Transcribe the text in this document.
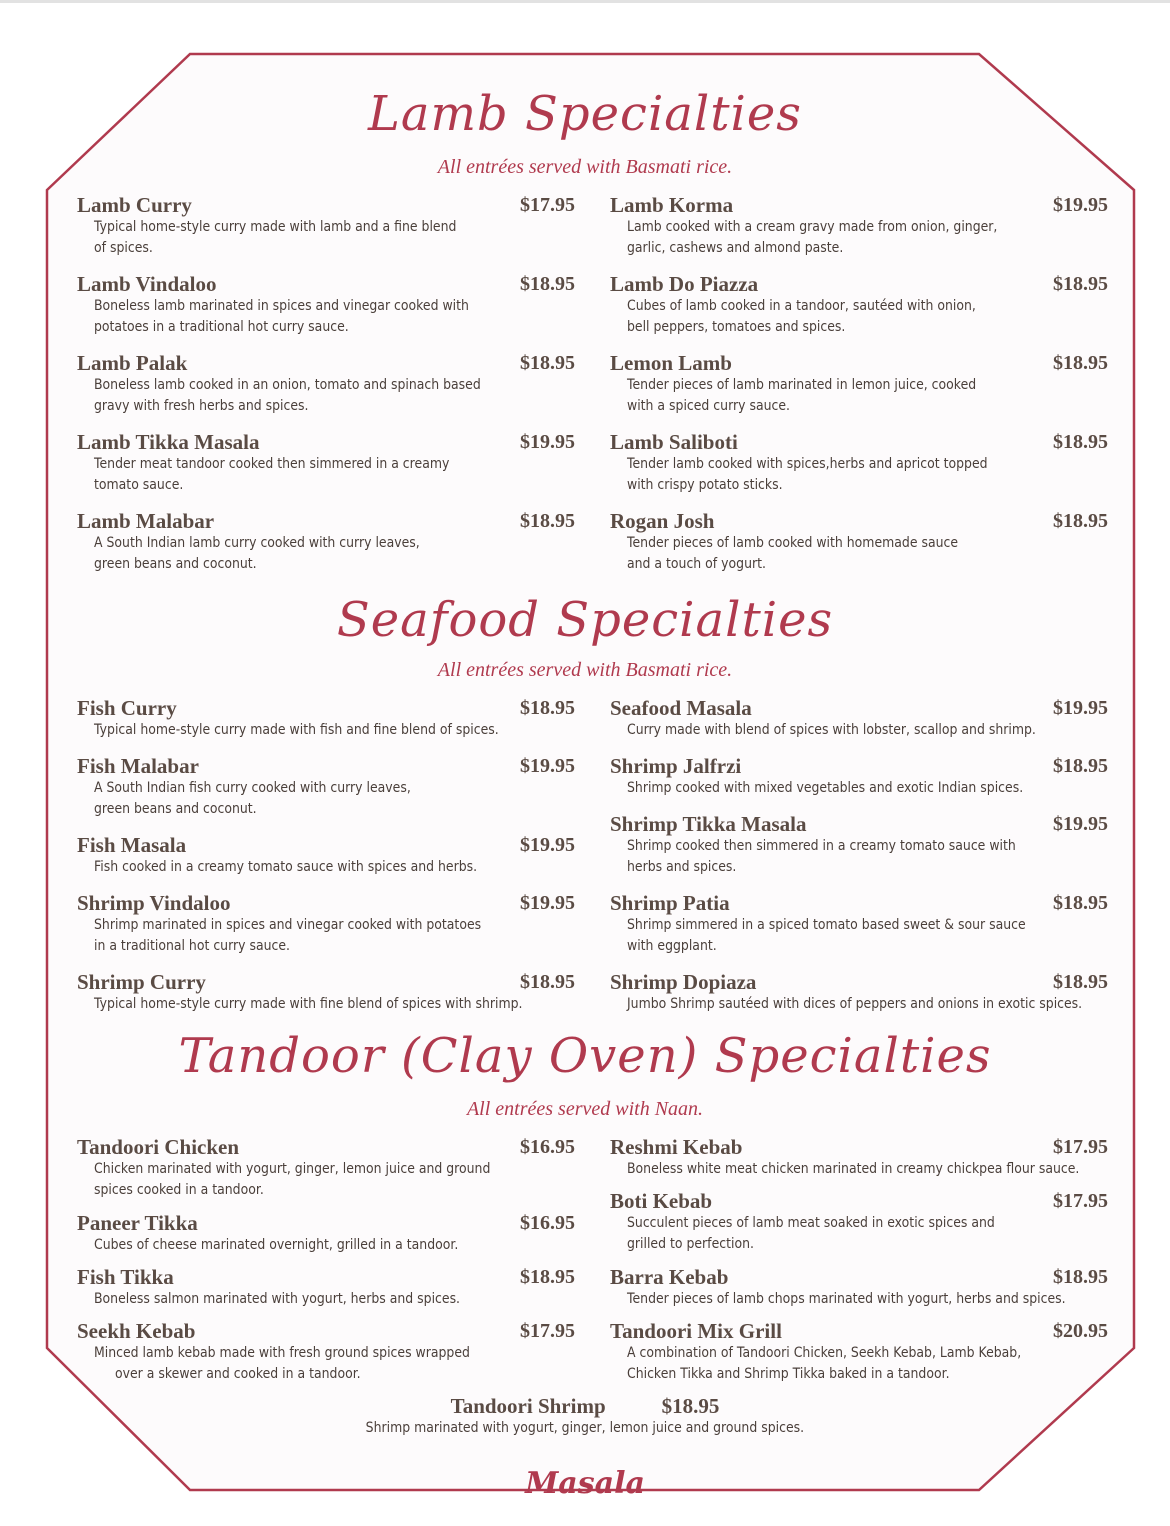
Lamb Specialties
All entrées served with Basmati rice.
Seafood Specialties
All entrées served with Basmati rice.
Tandoor (Clay Oven) Specialties
All entrées served with Naan.
Lamb Curry	$17.95
Typical home-style curry made with lamb and a fine blend
of spices.
Lamb Vindaloo	$18.95
Boneless lamb marinated in spices and vinegar cooked with
potatoes in a traditional hot curry sauce.
Lamb Palak	$18.95
Boneless lamb cooked in an onion, tomato and spinach based
gravy with fresh herbs and spices.
Lamb Tikka Masala	$19.95
Tender meat tandoor cooked then simmered in a creamy
tomato sauce.
Lamb Malabar	$18.95
A South Indian lamb curry cooked with curry leaves,
green beans and coconut.
Lamb Korma	$19.95
Lamb cooked with a cream gravy made from onion, ginger,
garlic, cashews and almond paste.
Lamb Do Piazza	$18.95
Cubes of lamb cooked in a tandoor, sautéed with onion,
bell peppers, tomatoes and spices.
Lemon Lamb	$18.95
Tender pieces of lamb marinated in lemon juice, cooked
with a spiced curry sauce.
Lamb Saliboti	$18.95
Tender lamb cooked with spices,herbs and apricot topped
with crispy potato sticks.
Rogan Josh	$18.95
Tender pieces of lamb cooked with homemade sauce
and a touch of yogurt.
Fish Curry	$18.95
Typical home-style curry made with fish and fine blend of spices.
Fish Malabar	$19.95
A South Indian fish curry cooked with curry leaves,
green beans and coconut.
Fish Masala	$19.95
Fish cooked in a creamy tomato sauce with spices and herbs.
Shrimp Vindaloo	$19.95
Shrimp marinated in spices and vinegar cooked with potatoes
in a traditional hot curry sauce.
Shrimp Curry	$18.95
Typical home-style curry made with fine blend of spices with shrimp.
Seafood Masala	$19.95
Curry made with blend of spices with lobster, scallop and shrimp.
Shrimp Jalfrzi	$18.95
Shrimp cooked with mixed vegetables and exotic Indian spices.
Shrimp Tikka Masala	$19.95
Shrimp cooked then simmered in a creamy tomato sauce with
herbs and spices.
Shrimp Patia	$18.95
Shrimp simmered in a spiced tomato based sweet & sour sauce
with eggplant.
Shrimp Dopiaza	$18.95
Jumbo Shrimp sautéed with dices of peppers and onions in exotic spices.
Tandoori Chicken	$16.95
Chicken marinated with yogurt, ginger, lemon juice and ground
spices cooked in a tandoor.
Paneer Tikka	$16.95
Cubes of cheese marinated overnight, grilled in a tandoor.
Fish Tikka	$18.95
Boneless salmon marinated with yogurt, herbs and spices.
Seekh Kebab	$17.95
Minced lamb kebab made with fresh ground spices wrapped
over a skewer and cooked in a tandoor.
Reshmi Kebab	$17.95
Boneless white meat chicken marinated in creamy chickpea flour sauce.
Boti Kebab	$17.95
Succulent pieces of lamb meat soaked in exotic spices and
grilled to perfection.
Barra Kebab	$18.95
Tender pieces of lamb chops marinated with yogurt, herbs and spices.
Tandoori Mix Grill	$20.95
A combination of Tandoori Chicken, Seekh Kebab, Lamb Kebab,
Chicken Tikka and Shrimp Tikka baked in a tandoor.
Tandoori Shrimp	$18.95
Shrimp marinated with yogurt, ginger, lemon juice and ground spices.
Masala
